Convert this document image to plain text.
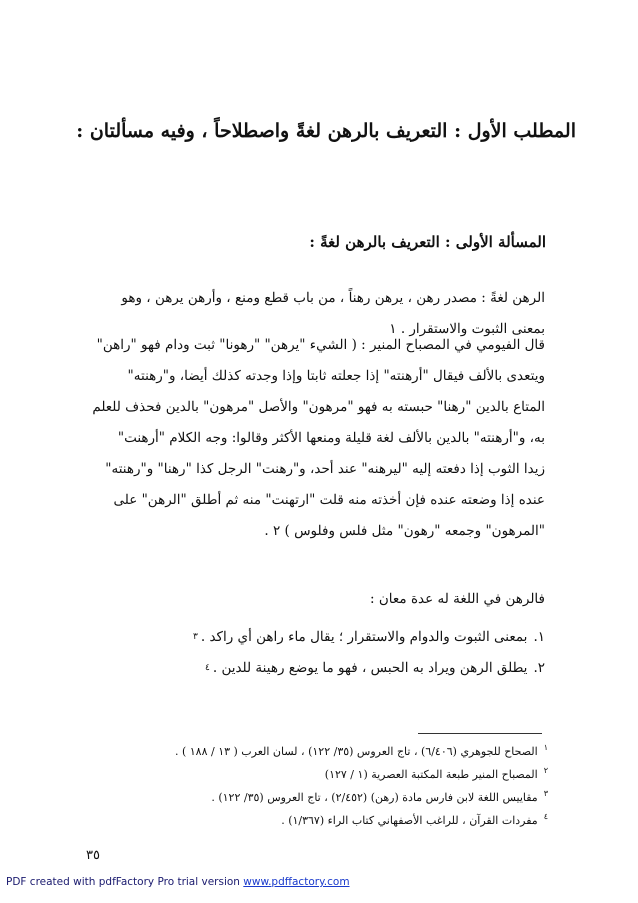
المطلب الأول : التعريف بالرهن لغةً واصطلاحاً ، وفيه مسألتان :
المسألة الأولى : التعريف بالرهن لغةً :
الرهن لغةً : مصدر رهن ، يرهن رهناً ، من باب قطع ومنع ، وأرهن يرهن ، وهو
بمعنى الثبوت والاستقرار . ١
قال الفيومي في المصباح المنير : ( الشيء "يرهن" "رهونا" ثبت ودام فهو "راهن"
ويتعدى بالألف فيقال "أرهنته" إذا جعلته ثابتا وإذا وجدته كذلك أيضا، و"رهنته"
المتاع بالدين "رهنا" حبسته به فهو "مرهون" والأصل "مرهون" بالدين فحذف للعلم
به، و"أرهنته" بالدين بالألف لغة قليلة ومنعها الأكثر وقالوا: وجه الكلام "أرهنت"
زيدا الثوب إذا دفعته إليه "ليرهنه" عند أحد، و"رهنت" الرجل كذا "رهنا" و"رهنته"
عنده إذا وضعته عنده فإن أخذته منه قلت "ارتهنت" منه ثم أطلق "الرهن" على
"المرهون" وجمعه "رهون" مثل فلس وفلوس ) ٢ .
فالرهن في اللغة له عدة معان :
١.
بمعنى الثبوت والدوام والاستقرار ؛ يقال ماء راهن أي راكد .
٣
٢.
يطلق الرهن ويراد به الحبس ، فهو ما يوضع رهينة للدين .
٤
١
الصحاح للجوهري (٦/٤٠٦) ، تاج العروس (٣٥/ ١٢٢) ، لسان العرب ( ١٣ / ١٨٨ ) .
٢
المصباح المنير طبعة المكتبة العصرية (١ / ١٢٧)
٣
مقاييس اللغة لابن فارس مادة (رهن) (٢/٤٥٢) ، تاج العروس (٣٥/ ١٢٢) .
٤
مفردات القرآن ، للراغب الأصفهاني كتاب الراء (١/٣٦٧) .
٣٥
PDF created with pdfFactory Pro trial version www.pdffactory.com
